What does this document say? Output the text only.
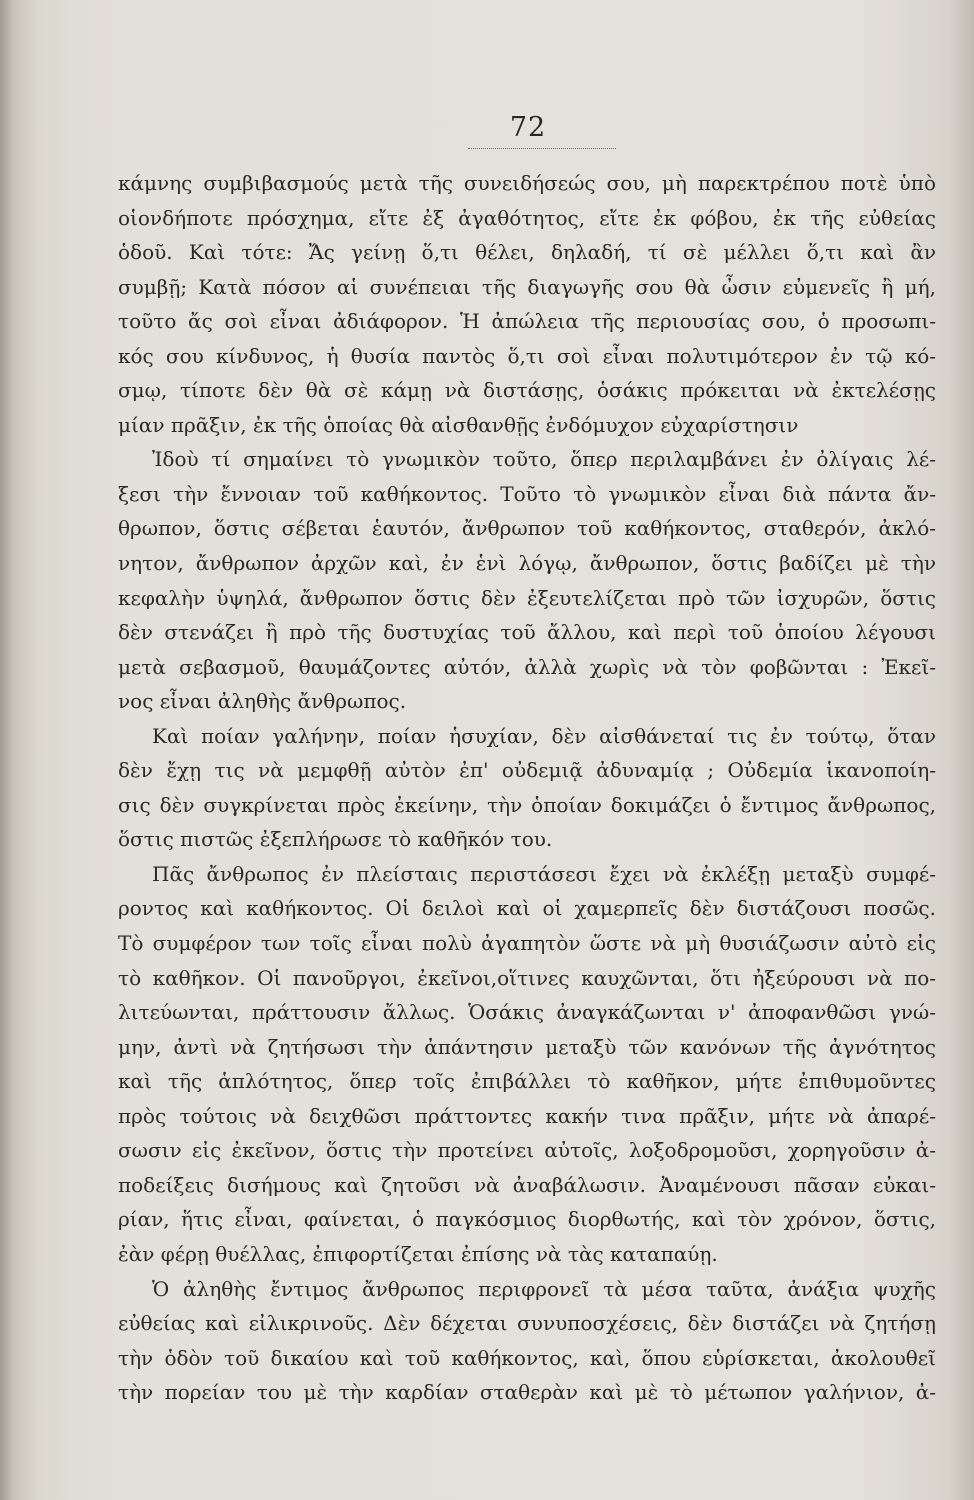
72

κάμνης συμβιβασμούς μετὰ τῆς συνειδήσεώς σου, μὴ παρεκτρέπου ποτὲ ὑπὸ
οἱονδήποτε πρόσχημα, εἴτε ἐξ ἀγαθότητος, εἴτε ἐκ φόβου, ἐκ τῆς εὐθείας
ὁδοῦ. Καὶ τότε: Ἄς γείνῃ ὅ,τι θέλει, δηλαδή, τί σὲ μέλλει ὅ,τι καὶ ἂν
συμβῇ; Κατὰ πόσον αἱ συνέπειαι τῆς διαγωγῆς σου θὰ ὦσιν εὐμενεῖς ἢ μή,
τοῦτο ἄς σοὶ εἶναι ἀδιάφορον. Ἡ ἀπώλεια τῆς περιουσίας σου, ὁ προσωπι-
κός σου κίνδυνος, ἡ θυσία παντὸς ὅ,τι σοὶ εἶναι πολυτιμότερον ἐν τῷ κό-
σμῳ, τίποτε δὲν θὰ σὲ κάμῃ νὰ διστάσῃς, ὁσάκις πρόκειται νὰ ἐκτελέσῃς
μίαν πρᾶξιν, ἐκ τῆς ὁποίας θὰ αἰσθανθῇς ἐνδόμυχον εὐχαρίστησιν

Ἰδοὺ τί σημαίνει τὸ γνωμικὸν τοῦτο, ὅπερ περιλαμβάνει ἐν ὀλίγαις λέ-
ξεσι τὴν ἔννοιαν τοῦ καθήκοντος. Τοῦτο τὸ γνωμικὸν εἶναι διὰ πάντα ἄν-
θρωπον, ὅστις σέβεται ἑαυτόν, ἄνθρωπον τοῦ καθήκοντος, σταθερόν, ἀκλό-
νητον, ἄνθρωπον ἀρχῶν καὶ, ἐν ἑνὶ λόγῳ, ἄνθρωπον, ὅστις βαδίζει μὲ τὴν
κεφαλὴν ὑψηλά, ἄνθρωπον ὅστις δὲν ἐξευτελίζεται πρὸ τῶν ἰσχυρῶν, ὅστις
δὲν στενάζει ἢ πρὸ τῆς δυστυχίας τοῦ ἄλλου, καὶ περὶ τοῦ ὁποίου λέγουσι
μετὰ σεβασμοῦ, θαυμάζοντες αὐτόν, ἀλλὰ χωρὶς νὰ τὸν φοβῶνται : Ἐκεῖ-
νος εἶναι ἀληθὴς ἄνθρωπος.

Καὶ ποίαν γαλήνην, ποίαν ἡσυχίαν, δὲν αἰσθάνεταί τις ἐν τούτῳ, ὅταν
δὲν ἔχῃ τις νὰ μεμφθῇ αὐτὸν ἐπ' οὐδεμιᾷ ἀδυναμίᾳ ; Οὐδεμία ἱκανοποίη-
σις δὲν συγκρίνεται πρὸς ἐκείνην, τὴν ὁποίαν δοκιμάζει ὁ ἔντιμος ἄνθρωπος,
ὅστις πιστῶς ἐξεπλήρωσε τὸ καθῆκόν του.

Πᾶς ἄνθρωπος ἐν πλείσταις περιστάσεσι ἔχει νὰ ἐκλέξῃ μεταξὺ συμφέ-
ροντος καὶ καθήκοντος. Οἱ δειλοὶ καὶ οἱ χαμερπεῖς δὲν διστάζουσι ποσῶς.
Τὸ συμφέρον των τοῖς εἶναι πολὺ ἀγαπητὸν ὥστε νὰ μὴ θυσιάζωσιν αὐτὸ εἰς
τὸ καθῆκον. Οἱ πανοῦργοι, ἐκεῖνοι,οἵτινες καυχῶνται, ὅτι ἠξεύρουσι νὰ πο-
λιτεύωνται, πράττουσιν ἄλλως. Ὁσάκις ἀναγκάζωνται ν' ἀποφανθῶσι γνώ-
μην, ἀντὶ νὰ ζητήσωσι τὴν ἀπάντησιν μεταξὺ τῶν κανόνων τῆς ἀγνότητος
καὶ τῆς ἁπλότητος, ὅπερ τοῖς ἐπιβάλλει τὸ καθῆκον, μήτε ἐπιθυμοῦντες
πρὸς τούτοις νὰ δειχθῶσι πράττοντες κακήν τινα πρᾶξιν, μήτε νὰ ἀπαρέ-
σωσιν εἰς ἐκεῖνον, ὅστις τὴν προτείνει αὐτοῖς, λοξοδρομοῦσι, χορηγοῦσιν ἀ-
ποδείξεις δισήμους καὶ ζητοῦσι νὰ ἀναβάλωσιν. Ἀναμένουσι πᾶσαν εὐκαι-
ρίαν, ἥτις εἶναι, φαίνεται, ὁ παγκόσμιος διορθωτής, καὶ τὸν χρόνον, ὅστις,
ἐὰν φέρῃ θυέλλας, ἐπιφορτίζεται ἐπίσης νὰ τὰς καταπαύῃ.

Ὁ ἀληθὴς ἔντιμος ἄνθρωπος περιφρονεῖ τὰ μέσα ταῦτα, ἀνάξια ψυχῆς
εὐθείας καὶ εἰλικρινοῦς. Δὲν δέχεται συνυποσχέσεις, δὲν διστάζει νὰ ζητήσῃ
τὴν ὁδὸν τοῦ δικαίου καὶ τοῦ καθήκοντος, καὶ, ὅπου εὑρίσκεται, ἀκολουθεῖ
τὴν πορείαν του μὲ τὴν καρδίαν σταθερὰν καὶ μὲ τὸ μέτωπον γαλήνιον, ἀ-
